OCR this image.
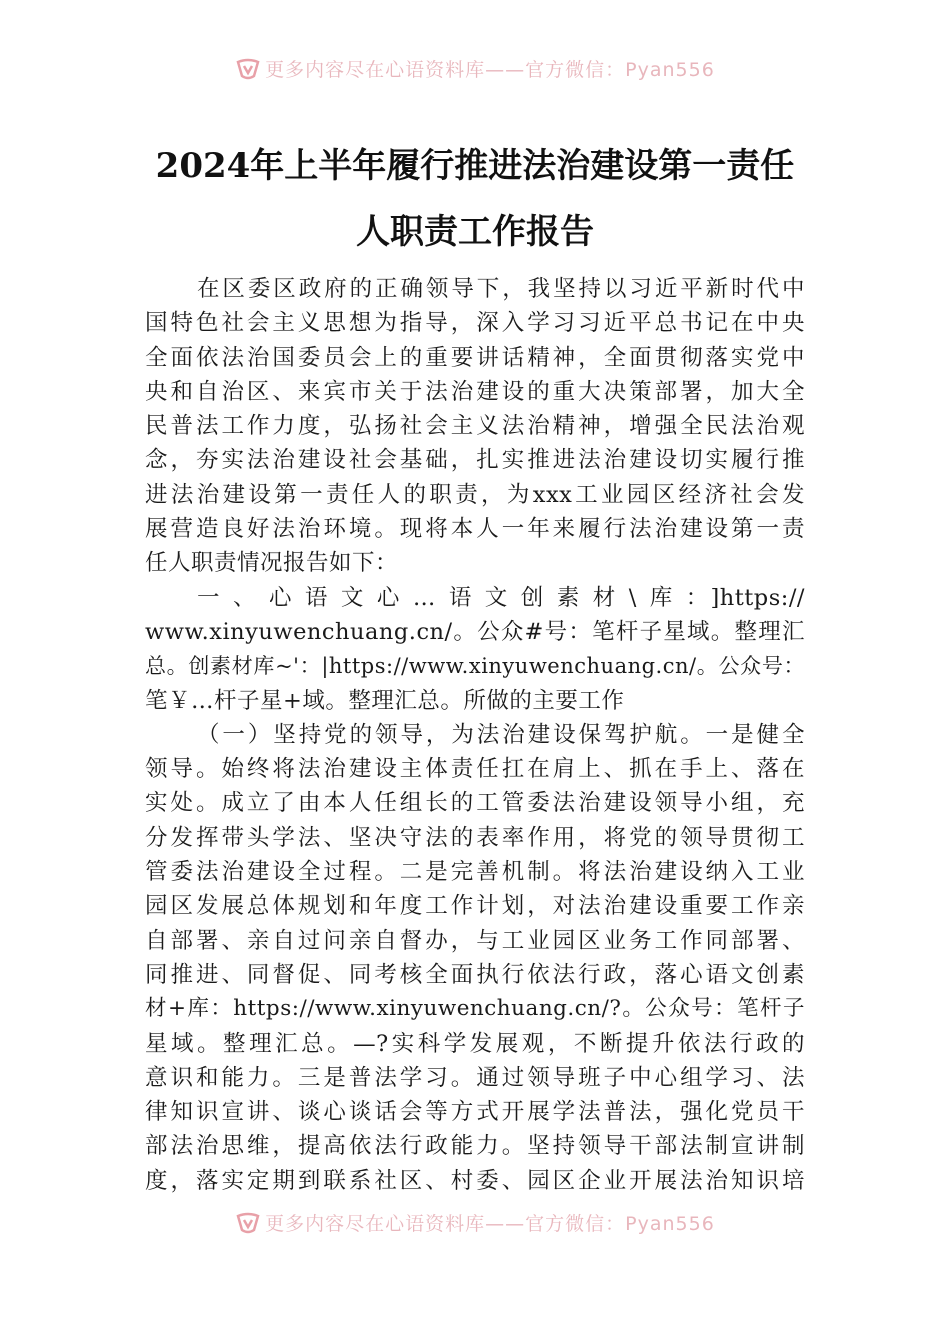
更多内容尽在心语资料库——官方微信：Pyan556
2024年上半年履行推进法治建设第一责任
人职责工作报告
在区委区政府的正确领导下，我坚持以习近平新时代中
国特色社会主义思想为指导，深入学习习近平总书记在中央
全面依法治国委员会上的重要讲话精神，全面贯彻落实党中
央和自治区、来宾市关于法治建设的重大决策部署，加大全
民普法工作力度，弘扬社会主义法治精神，增强全民法治观
念，夯实法治建设社会基础，扎实推进法治建设切实履行推
进法治建设第一责任人的职责，为xxx工业园区经济社会发
展营造良好法治环境。现将本人一年来履行法治建设第一责
任人职责情况报告如下：
一、心语文心…语文创素材\库：]https://
www.xinyuwenchuang.cn/。公众#号：笔杆子星域。整理汇
总。创素材库~'：|https://www.xinyuwenchuang.cn/。公众号：
笔￥…杆子星+域。整理汇总。所做的主要工作
（一）坚持党的领导，为法治建设保驾护航。一是健全
领导。始终将法治建设主体责任扛在肩上、抓在手上、落在
实处。成立了由本人任组长的工管委法治建设领导小组，充
分发挥带头学法、坚决守法的表率作用，将党的领导贯彻工
管委法治建设全过程。二是完善机制。将法治建设纳入工业
园区发展总体规划和年度工作计划，对法治建设重要工作亲
自部署、亲自过问亲自督办，与工业园区业务工作同部署、
同推进、同督促、同考核全面执行依法行政，落心语文创素
材+库：https://www.xinyuwenchuang.cn/?。公众号：笔杆子
星域。整理汇总。—?实科学发展观，不断提升依法行政的
意识和能力。三是普法学习。通过领导班子中心组学习、法
律知识宣讲、谈心谈话会等方式开展学法普法，强化党员干
部法治思维，提高依法行政能力。坚持领导干部法制宣讲制
度，落实定期到联系社区、村委、园区企业开展法治知识培
更多内容尽在心语资料库——官方微信：Pyan556
